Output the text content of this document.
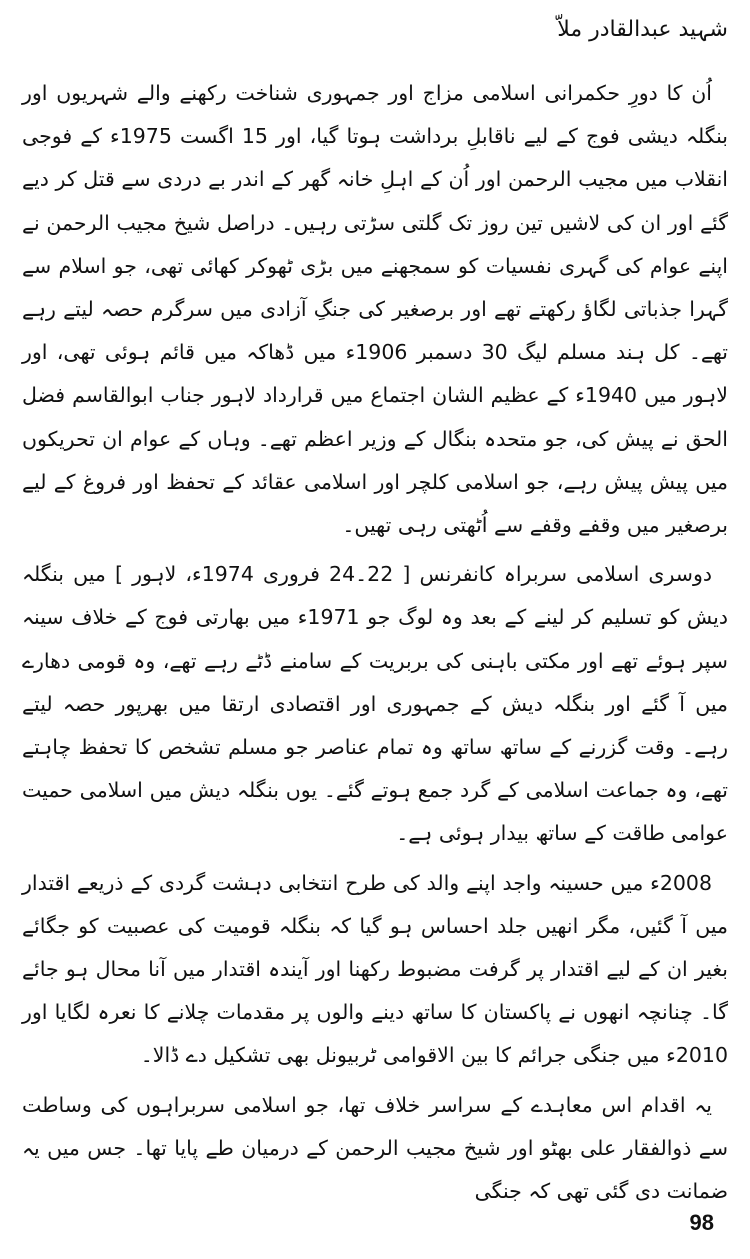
شہید عبدالقادر ملاّ

اُن کا دورِ حکمرانی اسلامی مزاج اور جمہوری شناخت رکھنے والے شہریوں اور بنگلہ دیشی فوج کے لیے ناقابلِ برداشت ہوتا گیا، اور 15 اگست 1975ء کے فوجی انقلاب میں مجیب الرحمن اور اُن کے اہلِ خانہ گھر کے اندر بے دردی سے قتل کر دیے گئے اور ان کی لاشیں تین روز تک گلتی سڑتی رہیں۔ دراصل شیخ مجیب الرحمن نے اپنے عوام کی گہری نفسیات کو سمجھنے میں بڑی ٹھوکر کھائی تھی، جو اسلام سے گہرا جذباتی لگاؤ رکھتے تھے اور برصغیر کی جنگِ آزادی میں سرگرم حصہ لیتے رہے تھے۔ کل ہند مسلم لیگ 30 دسمبر 1906ء میں ڈھاکہ میں قائم ہوئی تھی، اور لاہور میں 1940ء کے عظیم الشان اجتماع میں قرارداد لاہور جناب ابوالقاسم فضل الحق نے پیش کی، جو متحدہ بنگال کے وزیر اعظم تھے۔ وہاں کے عوام ان تحریکوں میں پیش پیش رہے، جو اسلامی کلچر اور اسلامی عقائد کے تحفظ اور فروغ کے لیے برصغیر میں وقفے وقفے سے اُٹھتی رہی تھیں۔

دوسری اسلامی سربراہ کانفرنس [ 22۔24 فروری 1974ء، لاہور ] میں بنگلہ دیش کو تسلیم کر لینے کے بعد وہ لوگ جو 1971ء میں بھارتی فوج کے خلاف سینہ سپر ہوئے تھے اور مکتی باہنی کی بربریت کے سامنے ڈٹے رہے تھے، وہ قومی دھارے میں آ گئے اور بنگلہ دیش کے جمہوری اور اقتصادی ارتقا میں بھرپور حصہ لیتے رہے۔ وقت گزرنے کے ساتھ ساتھ وہ تمام عناصر جو مسلم تشخص کا تحفظ چاہتے تھے، وہ جماعت اسلامی کے گرد جمع ہوتے گئے۔ یوں بنگلہ دیش میں اسلامی حمیت عوامی طاقت کے ساتھ بیدار ہوئی ہے۔

2008ء میں حسینہ واجد اپنے والد کی طرح انتخابی دہشت گردی کے ذریعے اقتدار میں آ گئیں، مگر انھیں جلد احساس ہو گیا کہ بنگلہ قومیت کی عصبیت کو جگائے بغیر ان کے لیے اقتدار پر گرفت مضبوط رکھنا اور آیندہ اقتدار میں آنا محال ہو جائے گا۔ چنانچہ انھوں نے پاکستان کا ساتھ دینے والوں پر مقدمات چلانے کا نعرہ لگایا اور 2010ء میں جنگی جرائم کا بین الاقوامی ٹربیونل بھی تشکیل دے ڈالا۔

یہ اقدام اس معاہدے کے سراسر خلاف تھا، جو اسلامی سربراہوں کی وساطت سے ذوالفقار علی بھٹو اور شیخ مجیب الرحمن کے درمیان طے پایا تھا۔ جس میں یہ ضمانت دی گئی تھی کہ جنگی

98
